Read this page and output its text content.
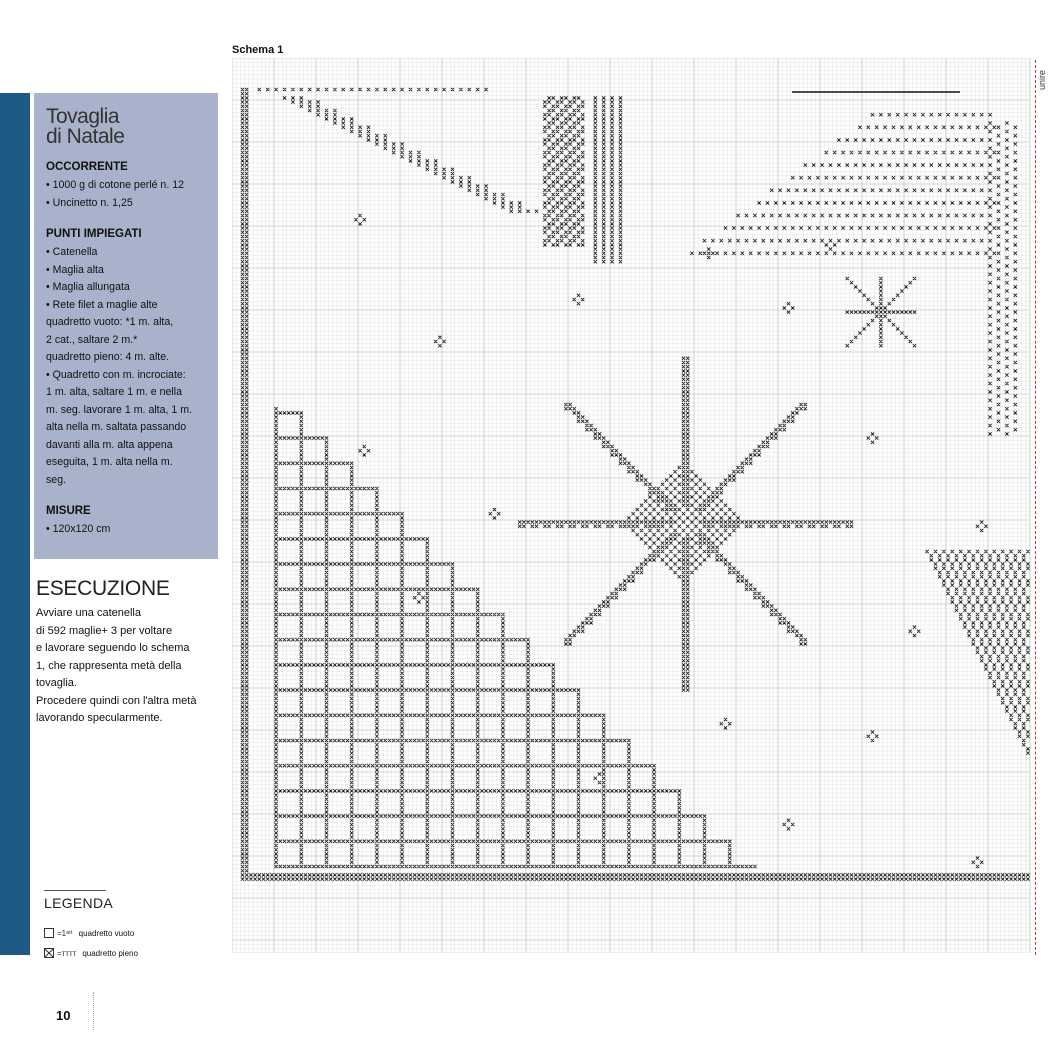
Tovaglia
di Natale
OCCORRENTE
• 1000 g di cotone perlé n. 12
• Uncinetto n. 1,25
PUNTI IMPIEGATI
• Catenella
• Maglia alta
• Maglia allungata
• Rete filet a maglie alte
quadretto vuoto: *1 m. alta,
2 cat., saltare 2 m.*
quadretto pieno: 4 m. alte.
• Quadretto con m. incrociate:
1 m. alta, saltare 1 m. e nella
m. seg. lavorare 1 m. alta, 1 m.
alta nella m. saltata passando
davanti alla m. alta appena
eseguita, 1 m. alta nella m.
seg.
MISURE
• 120x120 cm
ESECUZIONE
Avviare una catenella
di 592 maglie+ 3 per voltare
e lavorare seguendo lo schema
1, che rappresenta metà della
tovaglia.
Procedere quindi con l'altra metà
lavorando specularmente.
LEGENDA
=1ᵃᵗᵗ quadretto vuoto
=ᴛᴛᴛᴛ quadretto pieno
10
Schema 1
unire
